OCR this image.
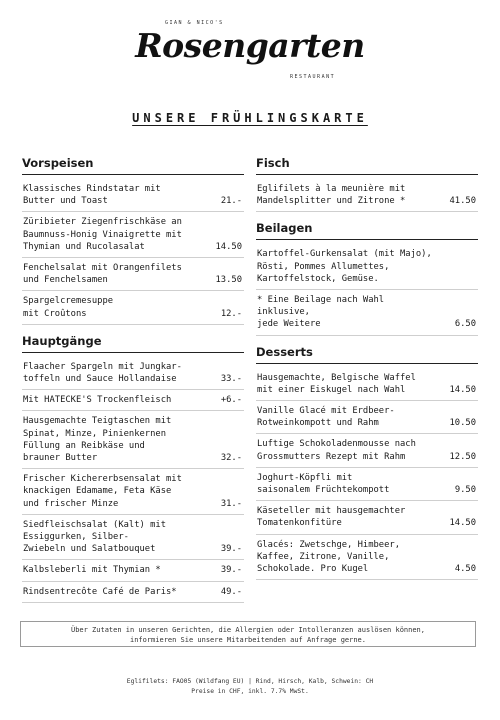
GIAN & NICO'S
Rosengarten
RESTAURANT
UNSERE FRÜHLINGSKARTE
Vorspeisen
Klassisches Rindstatar mit
Butter und Toast	21.-
Züribieter Ziegenfrischkäse an
Baumnuss-Honig Vinaigrette mit
Thymian und Rucolasalat	14.50
Fenchelsalat mit Orangenfilets
und Fenchelsamen	13.50
Spargelcremesuppe
mit Croûtons	12.-
Hauptgänge
Flaacher Spargeln mit Jungkar-
toffeln und Sauce Hollandaise	33.-
Mit HATECKE'S Trockenfleisch	+6.-
Hausgemachte Teigtaschen mit
Spinat, Minze, Pinienkernen
Füllung an Reibkäse und
brauner Butter	32.-
Frischer Kichererbsensalat mit
knackigen Edamame, Feta Käse
und frischer Minze	31.-
Siedfleischsalat (Kalt) mit
Essiggurken, Silber-
Zwiebeln und Salatbouquet	39.-
Kalbsleberli mit Thymian *	39.-
Rindsentrecôte Café de Paris*	49.-
Fisch
Eglifilets à la meunière mit
Mandelsplitter und Zitrone *	41.50
Beilagen
Kartoffel-Gurkensalat (mit Majo),
Rösti, Pommes Allumettes,
Kartoffelstock, Gemüse.
* Eine Beilage nach Wahl inklusive,
jede Weitere	6.50
Desserts
Hausgemachte, Belgische Waffel
mit einer Eiskugel nach Wahl	14.50
Vanille Glacé mit Erdbeer-
Rotweinkompott und Rahm	10.50
Luftige Schokoladenmousse nach
Grossmutters Rezept mit Rahm	12.50
Joghurt-Köpfli mit
saisonalem Früchtekompott	9.50
Käseteller mit hausgemachter
Tomatenkonfitüre	14.50
Glacés: Zwetschge, Himbeer,
Kaffee, Zitrone, Vanille,
Schokolade. Pro Kugel	4.50
Über Zutaten in unseren Gerichten, die Allergien oder Intolleranzen auslösen können,
informieren Sie unsere Mitarbeitenden auf Anfrage gerne.
Eglifilets: FAO05 (Wildfang EU) | Rind, Hirsch, Kalb, Schwein: CH
Preise in CHF, inkl. 7.7% MwSt.
